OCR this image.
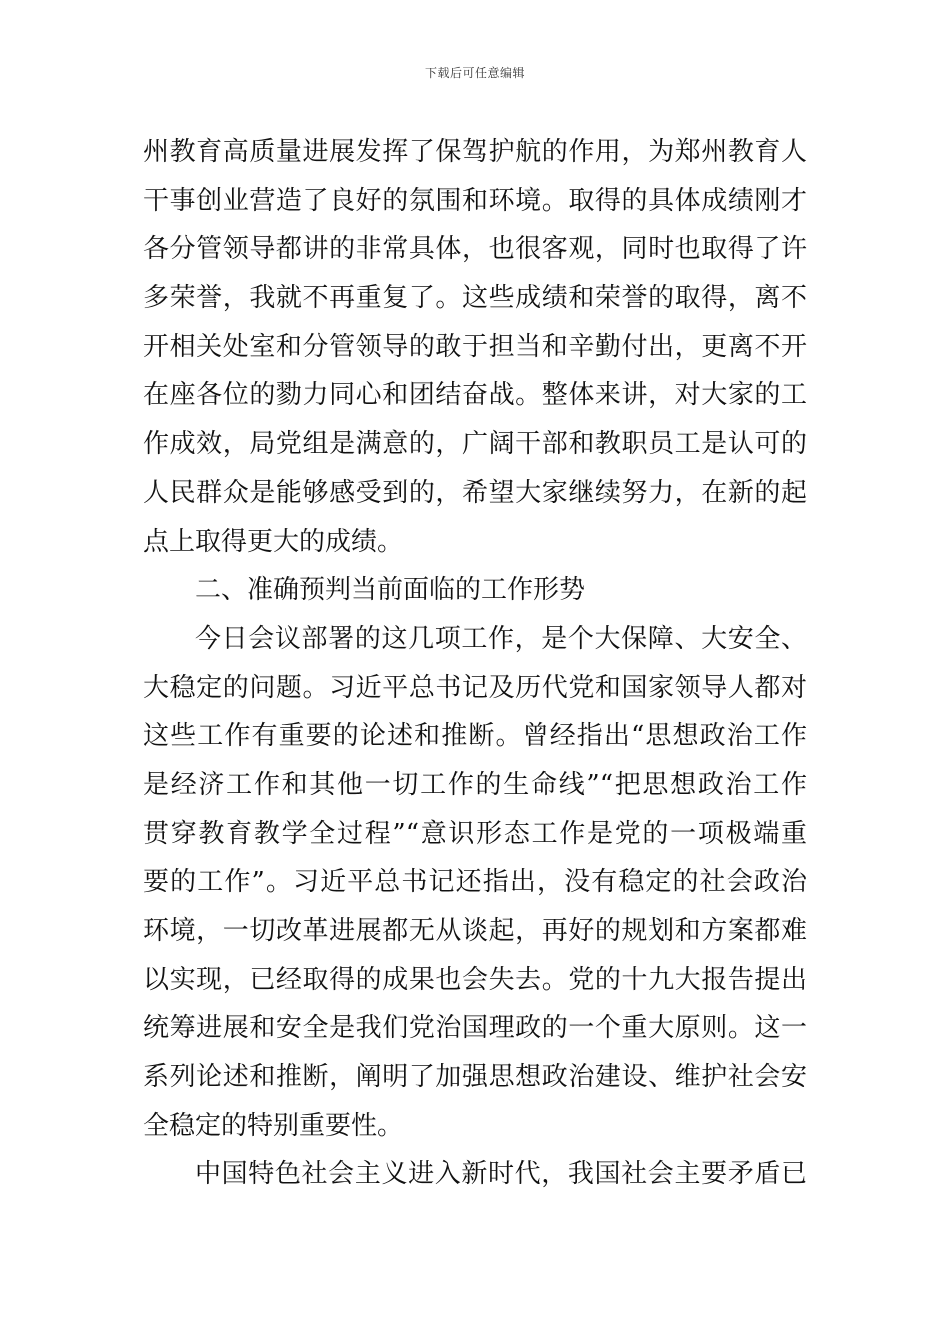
下载后可任意编辑
州教育高质量进展发挥了保驾护航的作用，为郑州教育人
干事创业营造了良好的氛围和环境。取得的具体成绩刚才
各分管领导都讲的非常具体，也很客观，同时也取得了许
多荣誉，我就不再重复了。这些成绩和荣誉的取得，离不
开相关处室和分管领导的敢于担当和辛勤付出，更离不开
在座各位的勠力同心和团结奋战。整体来讲，对大家的工
作成效，局党组是满意的，广阔干部和教职员工是认可的
人民群众是能够感受到的，希望大家继续努力，在新的起
点上取得更大的成绩。
二、准确预判当前面临的工作形势
今日会议部署的这几项工作，是个大保障、大安全、
大稳定的问题。习近平总书记及历代党和国家领导人都对
这些工作有重要的论述和推断。曾经指出“思想政治工作
是经济工作和其他一切工作的生命线”“把思想政治工作
贯穿教育教学全过程”“意识形态工作是党的一项极端重
要的工作”。习近平总书记还指出，没有稳定的社会政治
环境，一切改革进展都无从谈起，再好的规划和方案都难
以实现，已经取得的成果也会失去。党的十九大报告提出
统筹进展和安全是我们党治国理政的一个重大原则。这一
系列论述和推断，阐明了加强思想政治建设、维护社会安
全稳定的特别重要性。
中国特色社会主义进入新时代，我国社会主要矛盾已
